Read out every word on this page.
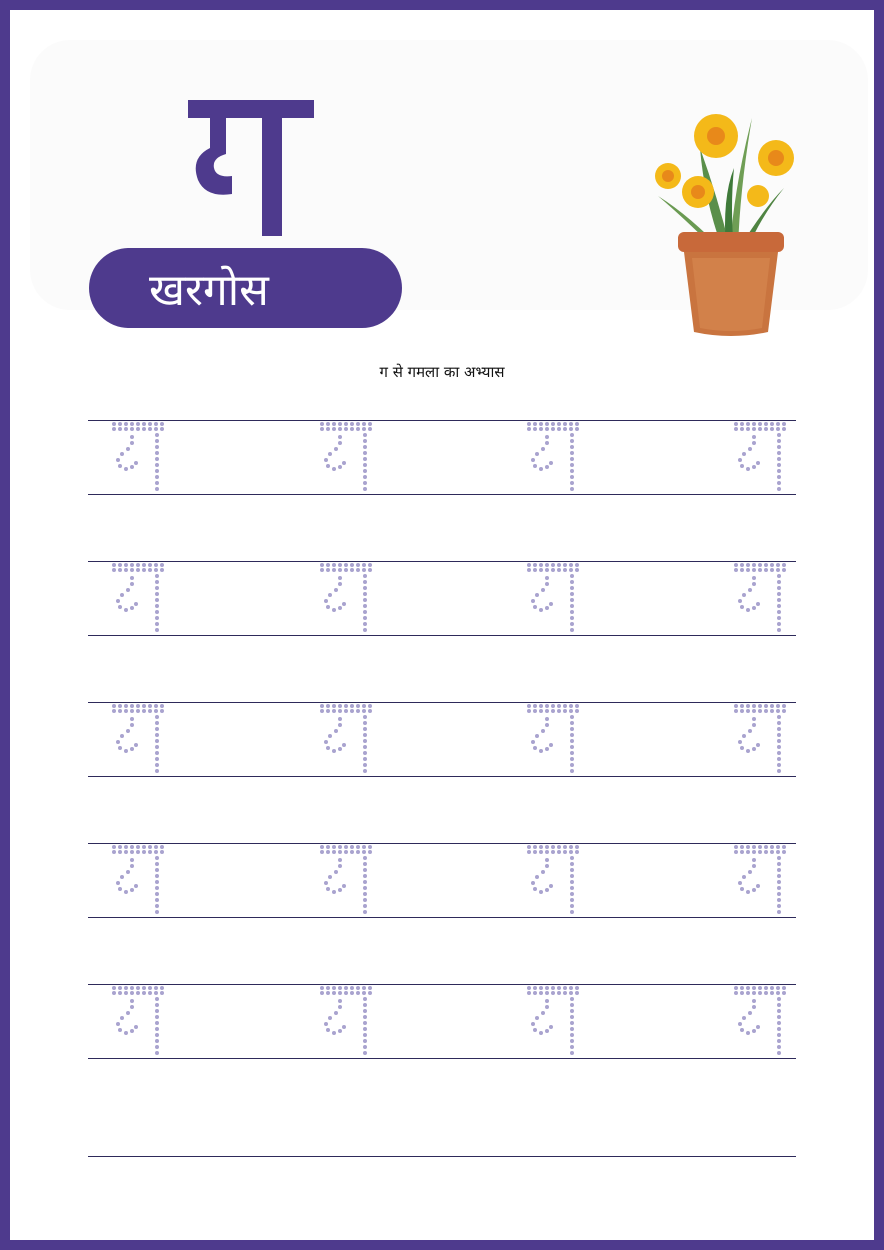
खरगोस
ग से गमला का अभ्यास
